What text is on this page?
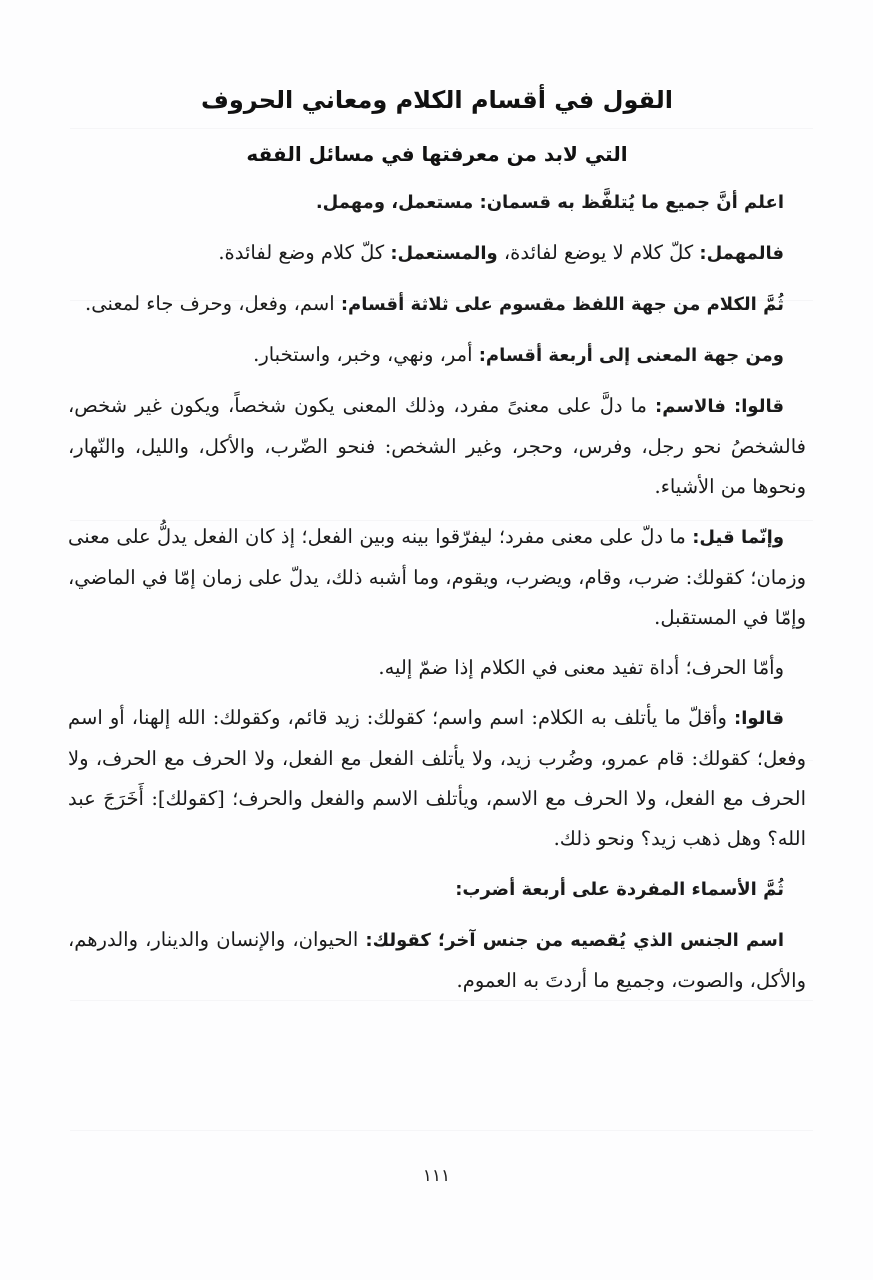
القول في أقسام الكلام ومعاني الحروف
التي لابد من معرفتها في مسائل الفقه

اعلم أنَّ جميع ما يُتلفَّظ به قسمان: مستعمل، ومهمل.

فالمهمل: كلّ كلام لا يوضع لفائدة، والمستعمل: كلّ كلام وضع لفائدة.

ثُمَّ الكلام من جهة اللفظ مقسوم على ثلاثة أقسام: اسم، وفعل، وحرف جاء لمعنى.

ومن جهة المعنى إلى أربعة أقسام: أمر، ونهي، وخبر، واستخبار.

قالوا: فالاسم: ما دلَّ على معنىً مفرد، وذلك المعنى يكون شخصاً، ويكون غير شخص، فالشخصُ نحو رجل، وفرس، وحجر، وغير الشخص: فنحو الضّرب، والأكل، والليل، والنّهار، ونحوها من الأشياء.

وإنّما قيل: ما دلّ على معنى مفرد؛ ليفرّقوا بينه وبين الفعل؛ إذ كان الفعل يدلُّ على معنى وزمان؛ كقولك: ضرب، وقام، ويضرب، ويقوم، وما أشبه ذلك، يدلّ على زمان إمّا في الماضي، وإمّا في المستقبل.

وأمّا الحرف؛ أداة تفيد معنى في الكلام إذا ضمّ إليه.

قالوا: وأقلّ ما يأتلف به الكلام: اسم واسم؛ كقولك: زيد قائم، وكقولك: الله إلهنا، أو اسم وفعل؛ كقولك: قام عمرو، وضُرب زيد، ولا يأتلف الفعل مع الفعل، ولا الحرف مع الحرف، ولا الحرف مع الفعل، ولا الحرف مع الاسم، ويأتلف الاسم والفعل والحرف؛ [كقولك]: أَخَرَجَ عبد الله؟ وهل ذهب زيد؟ ونحو ذلك.

ثُمَّ الأسماء المفردة على أربعة أضرب:

اسم الجنس الذي يُقصيه من جنس آخر؛ كقولك: الحيوان، والإنسان والدينار، والدرهم، والأكل، والصوت، وجميع ما أردتَ به العموم.

١١١
